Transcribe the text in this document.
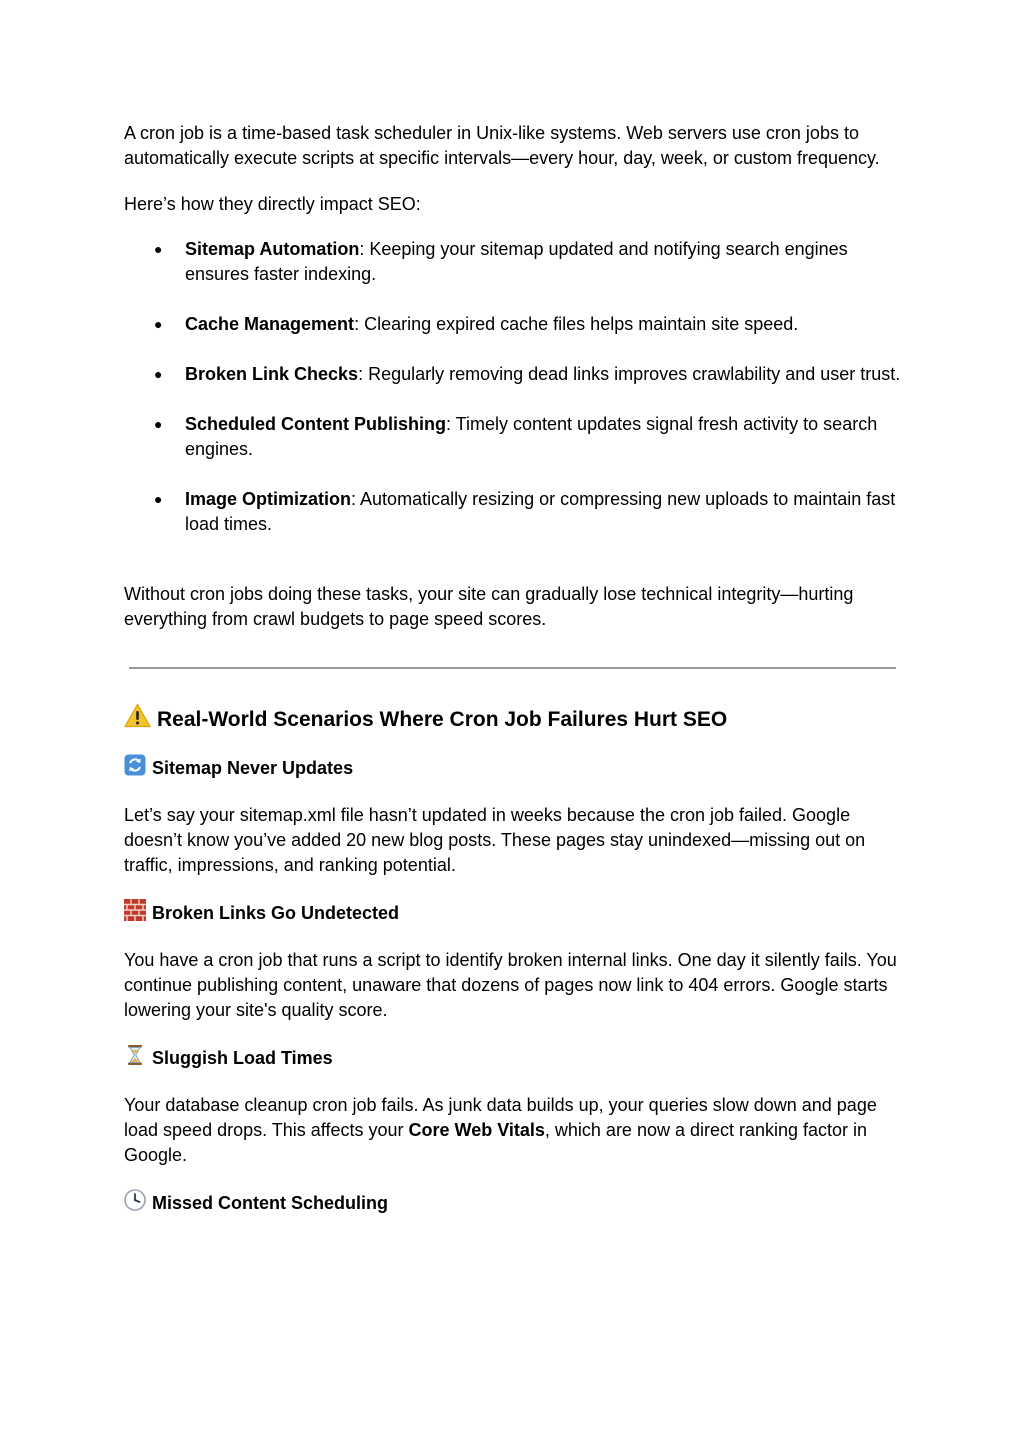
A cron job is a time-based task scheduler in Unix-like systems. Web servers use cron jobs to automatically execute scripts at specific intervals—every hour, day, week, or custom frequency.

Here’s how they directly impact SEO:

● Sitemap Automation: Keeping your sitemap updated and notifying search engines ensures faster indexing.
● Cache Management: Clearing expired cache files helps maintain site speed.
● Broken Link Checks: Regularly removing dead links improves crawlability and user trust.
● Scheduled Content Publishing: Timely content updates signal fresh activity to search engines.
● Image Optimization: Automatically resizing or compressing new uploads to maintain fast load times.

Without cron jobs doing these tasks, your site can gradually lose technical integrity—hurting everything from crawl budgets to page speed scores.

Real-World Scenarios Where Cron Job Failures Hurt SEO
Sitemap Never Updates

Let’s say your sitemap.xml file hasn’t updated in weeks because the cron job failed. Google doesn’t know you’ve added 20 new blog posts. These pages stay unindexed—missing out on traffic, impressions, and ranking potential.

Broken Links Go Undetected

You have a cron job that runs a script to identify broken internal links. One day it silently fails. You continue publishing content, unaware that dozens of pages now link to 404 errors. Google starts lowering your site's quality score.

Sluggish Load Times

Your database cleanup cron job fails. As junk data builds up, your queries slow down and page load speed drops. This affects your Core Web Vitals, which are now a direct ranking factor in Google.

Missed Content Scheduling
